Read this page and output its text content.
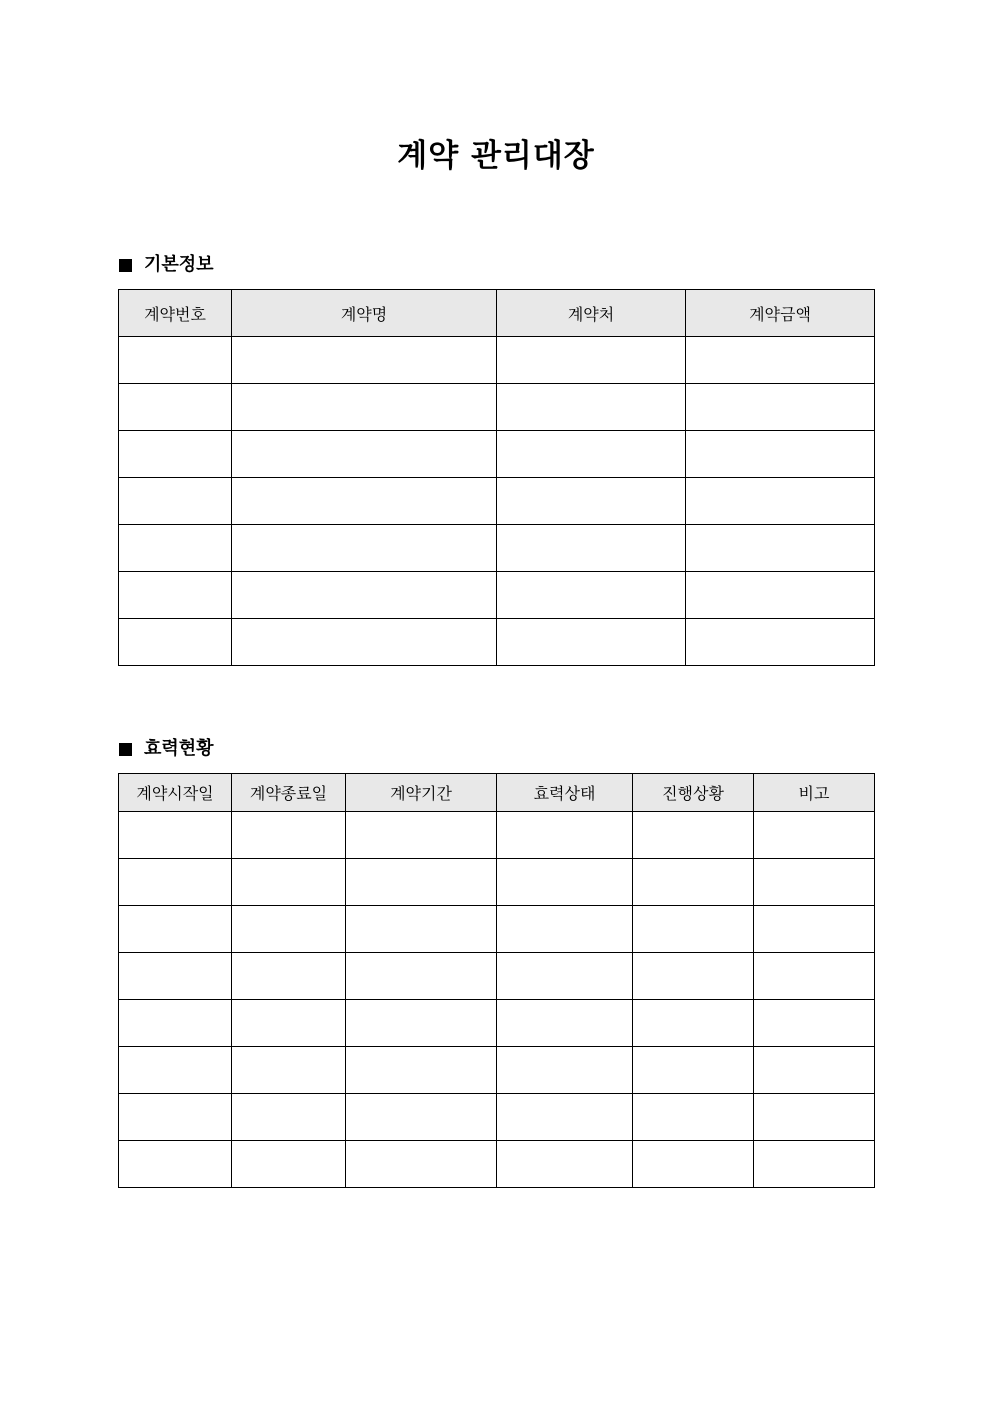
계약 관리대장
기본정보
계약번호	계약명	계약처	계약금액

효력현황
계약시작일	계약종료일	계약기간	효력상태	진행상황	비고
